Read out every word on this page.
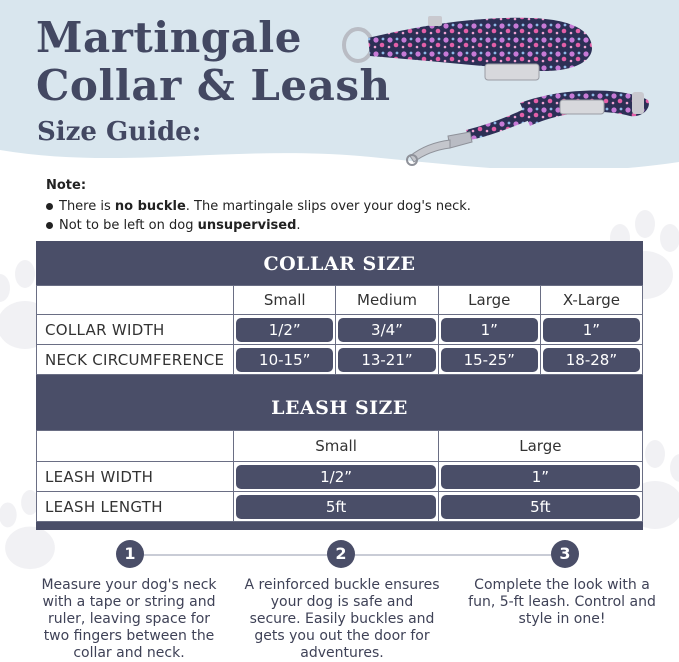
Martingale
Collar & Leash
Size Guide:
Note:
There is no buckle. The martingale slips over your dog's neck.
Not to be left on dog unsupervised.
COLLAR SIZE
	Small	Medium	Large	X-Large
COLLAR WIDTH	1/2”	3/4”	1”	1”

NECK CIRCUMFERENCE	10-15”	13-21”	15-25”	18-28”
LEASH SIZE
	Small	Large
LEASH WIDTH	1/2”	1”

LEASH LENGTH	5ft	5ft
1	2	3
Measure your dog's neck with a tape or string and ruler, leaving space for two fingers between the collar and neck.
A reinforced buckle ensures your dog is safe and secure. Easily buckles and gets you out the door for adventures.
Complete the look with a fun, 5-ft leash. Control and style in one!
